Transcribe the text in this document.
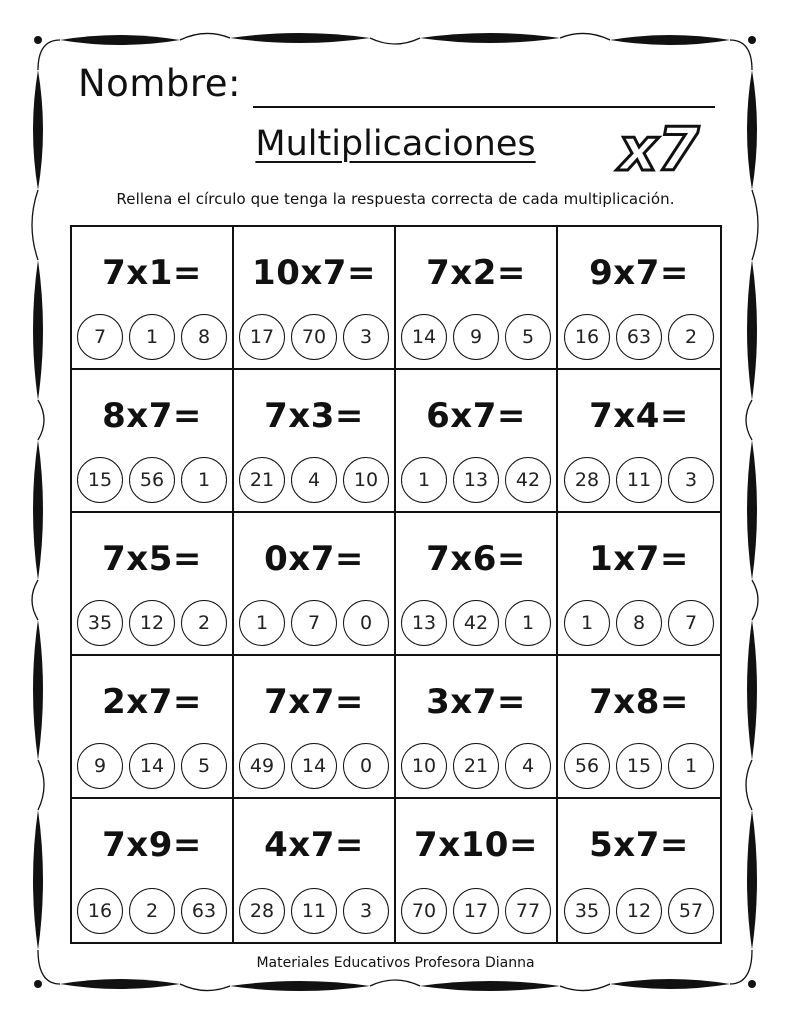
Nombre:
Multiplicaciones	x7
Rellena el círculo que tenga la respuesta correcta de cada multiplicación.
7x1=
7	1	8
10x7=
17	70	3
7x2=
14	9	5
9x7=
16	63	2
8x7=
15	56	1
7x3=
21	4	10
6x7=
1	13	42
7x4=
28	11	3
7x5=
35	12	2
0x7=
1	7	0
7x6=
13	42	1
1x7=
1	8	7
2x7=
9	14	5
7x7=
49	14	0
3x7=
10	21	4
7x8=
56	15	1
7x9=
16	2	63
4x7=
28	11	3
7x10=
70	17	77
5x7=
35	12	57
Materiales Educativos Profesora Dianna
